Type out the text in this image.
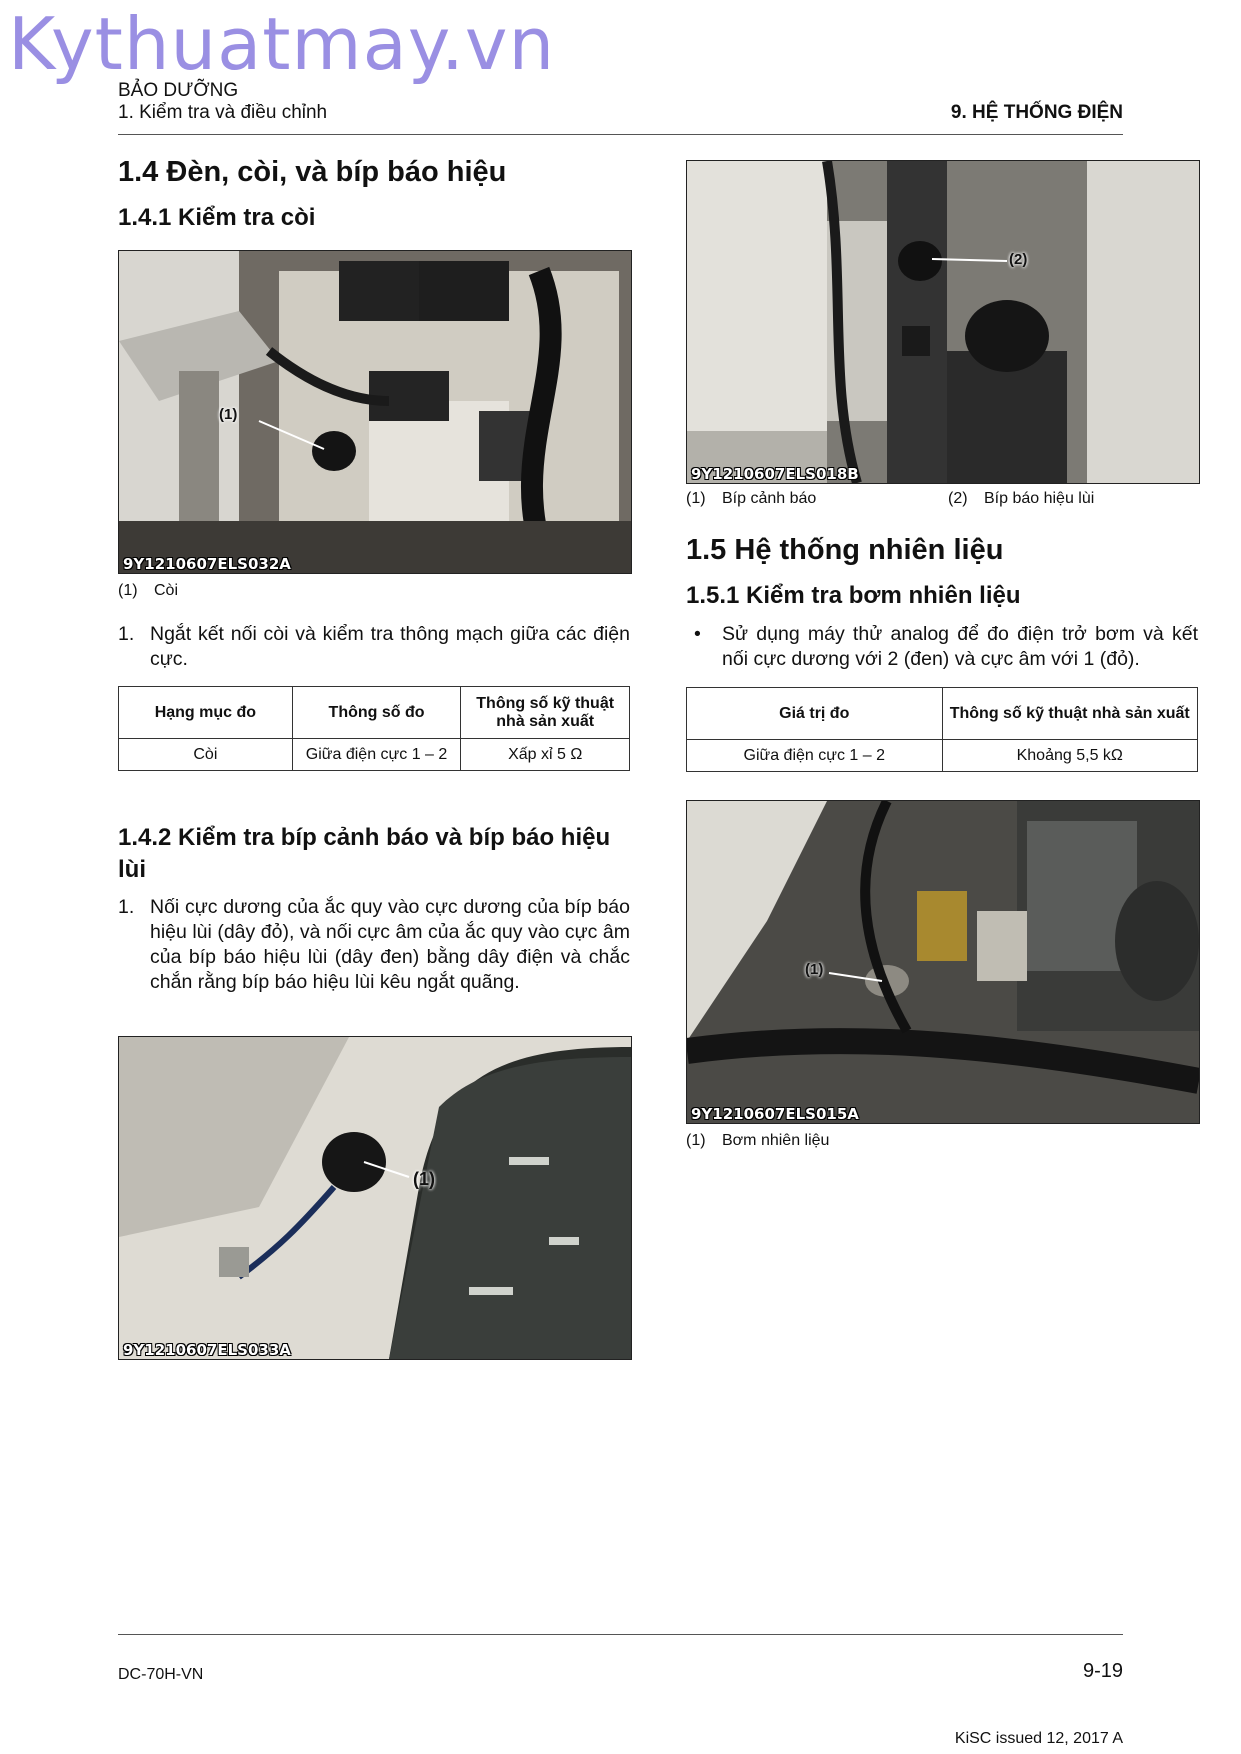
Kythuatmay.vn
BẢO DƯỠNG
1. Kiểm tra và điều chỉnh	9. HỆ THỐNG ĐIỆN
1.4 Đèn, còi, và bíp báo hiệu
1.4.1 Kiểm tra còi
(1)
9Y1210607ELS032A
(1) Còi
1. Ngắt kết nối còi và kiểm tra thông mạch giữa các điện cực.
Hạng mục đo	Thông số đo	Thông số kỹ thuật nhà sản xuất
Còi	Giữa điện cực 1 – 2	Xấp xỉ 5 Ω
1.4.2 Kiểm tra bíp cảnh báo và bíp báo hiệu lùi
1. Nối cực dương của ắc quy vào cực dương của bíp báo hiệu lùi (dây đỏ), và nối cực âm của ắc quy vào cực âm của bíp báo hiệu lùi (dây đen) bằng dây điện và chắc chắn rằng bíp báo hiệu lùi kêu ngắt quãng.
(1)
9Y1210607ELS033A
(2)
9Y1210607ELS018B
(1) Bíp cảnh báo	(2) Bíp báo hiệu lùi
1.5 Hệ thống nhiên liệu
1.5.1 Kiểm tra bơm nhiên liệu
• Sử dụng máy thử analog để đo điện trở bơm và kết nối cực dương với 2 (đen) và cực âm với 1 (đỏ).
Giá trị đo	Thông số kỹ thuật nhà sản xuất
Giữa điện cực 1 – 2	Khoảng 5,5 kΩ
(1)
9Y1210607ELS015A
(1) Bơm nhiên liệu
DC-70H-VN	9-19
KiSC issued 12, 2017 A
